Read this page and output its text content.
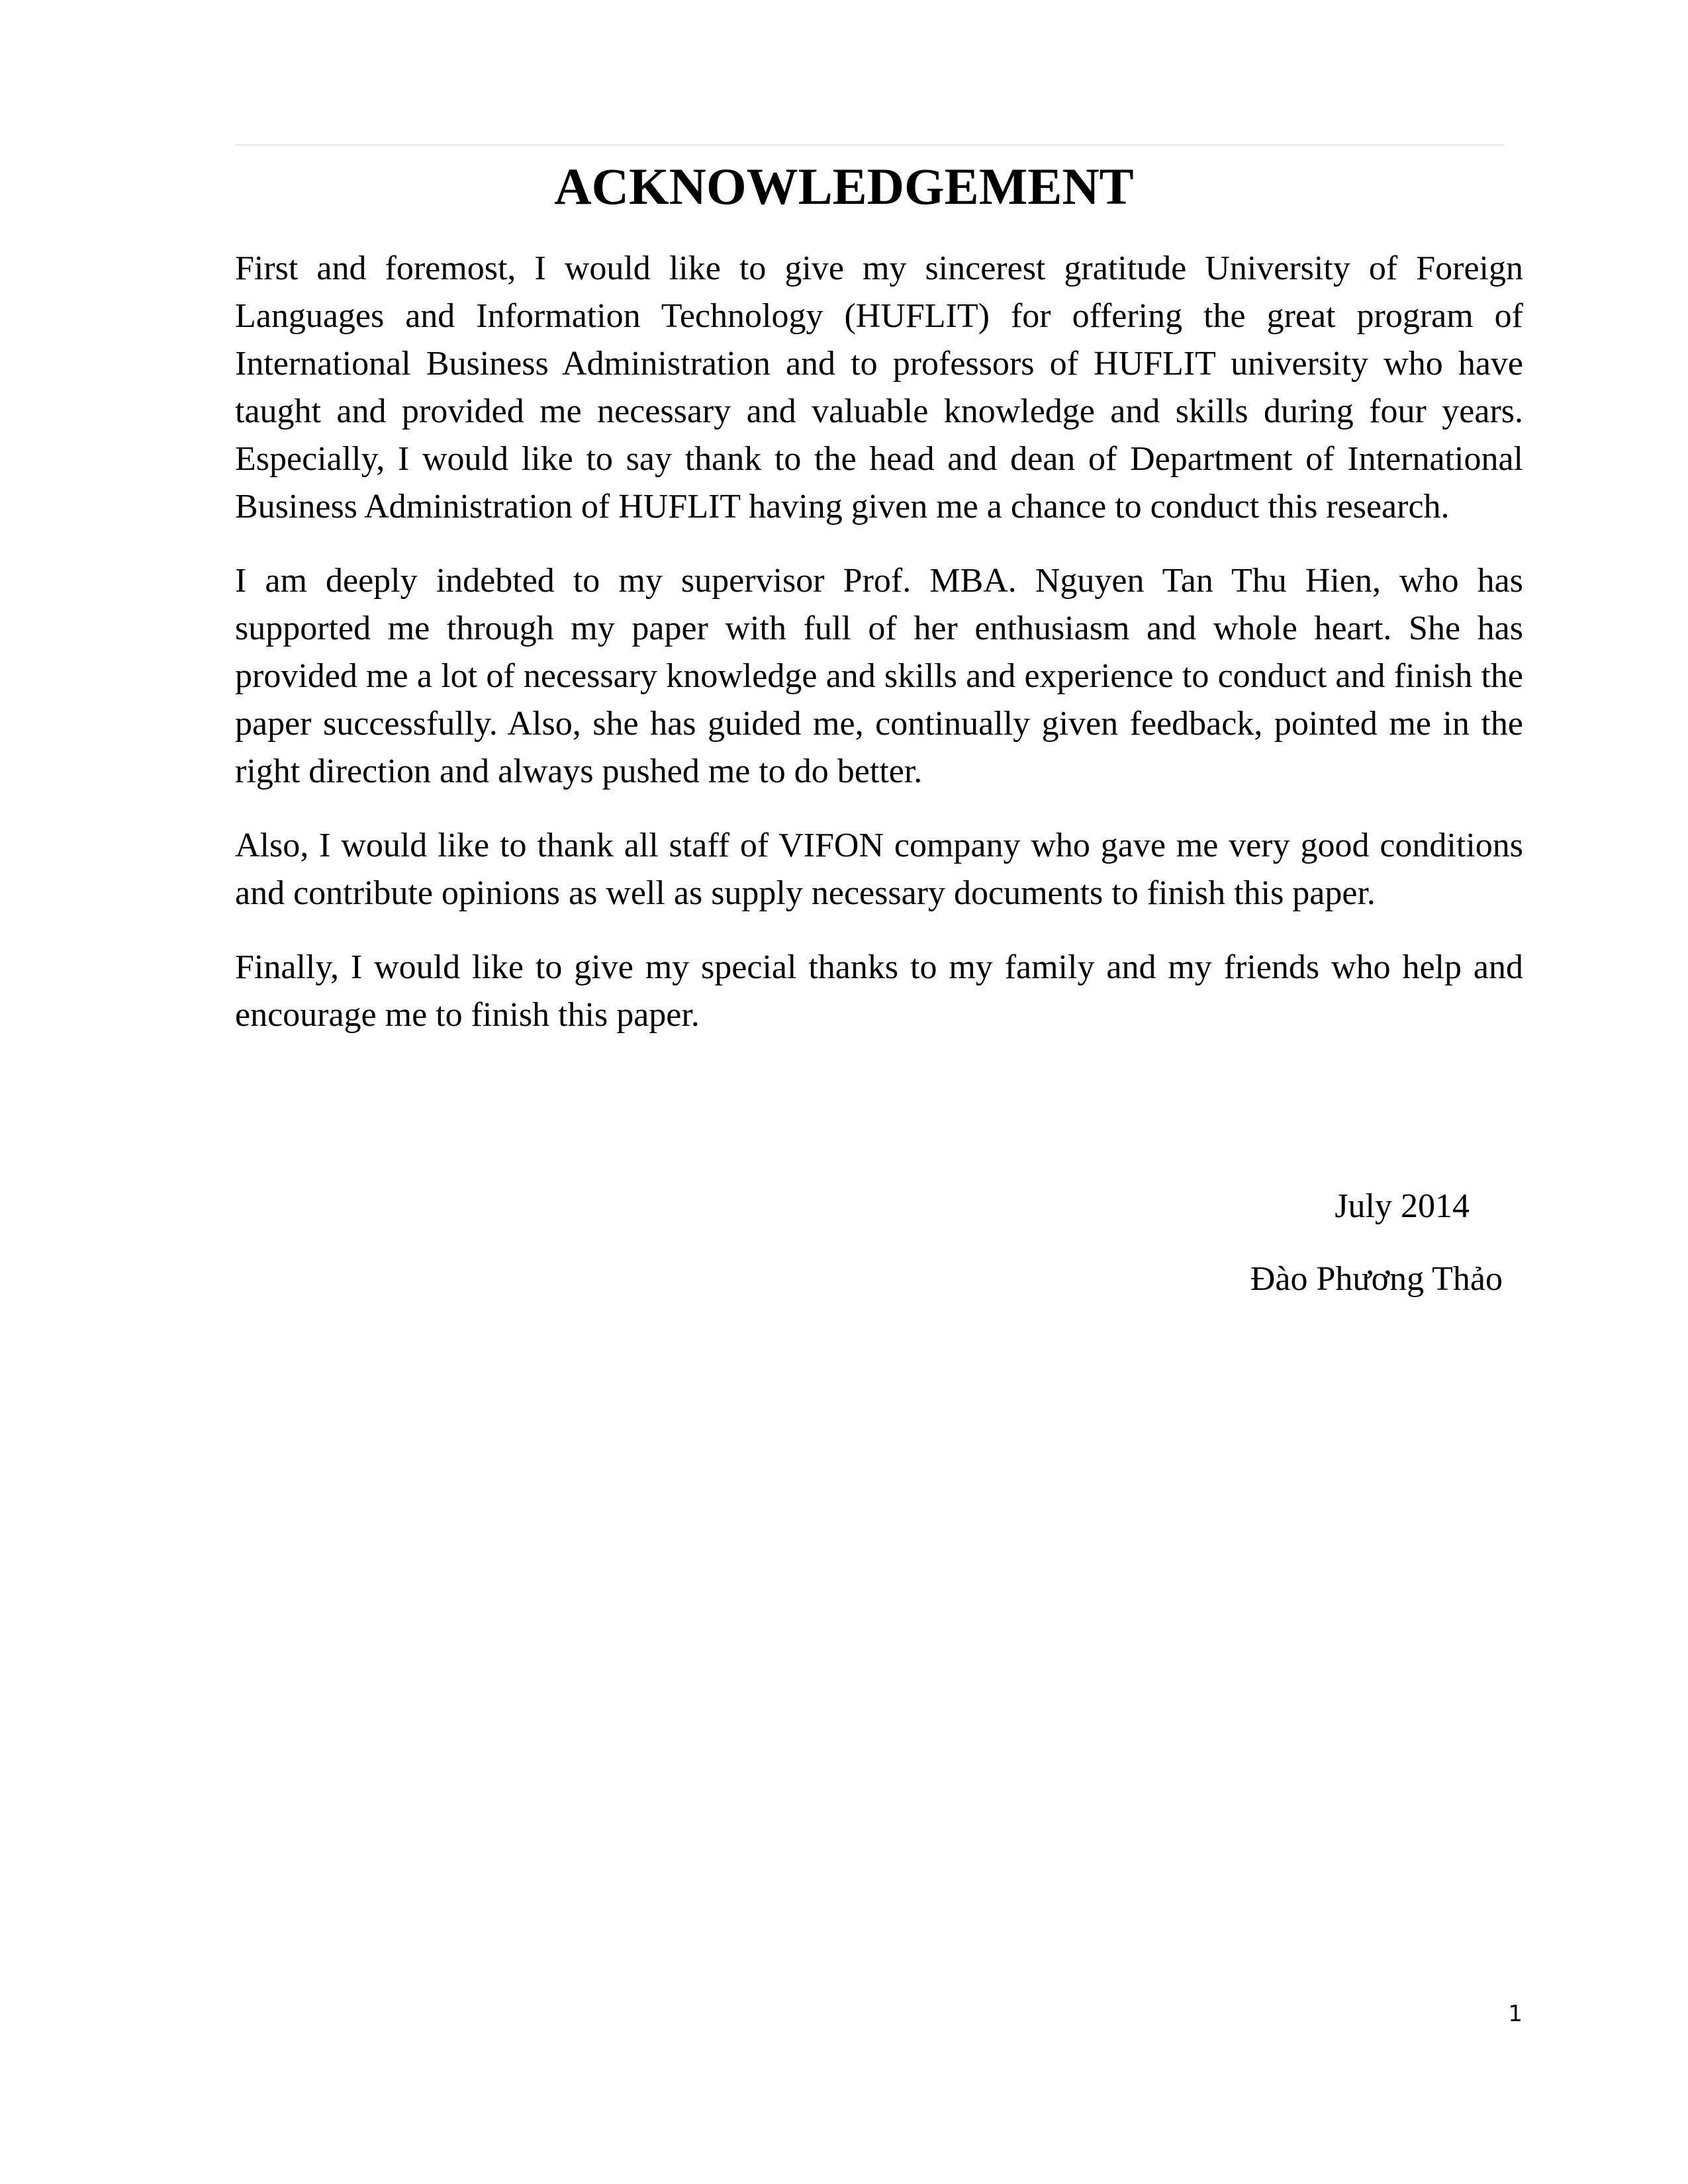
ACKNOWLEDGEMENT

First and foremost, I would like to give my sincerest gratitude University of Foreign Languages and Information Technology (HUFLIT) for offering the great program of International Business Administration and to professors of HUFLIT university who have taught and provided me necessary and valuable knowledge and skills during four years. Especially, I would like to say thank to the head and dean of Department of International Business Administration of HUFLIT having given me a chance to conduct this research.

I am deeply indebted to my supervisor Prof. MBA. Nguyen Tan Thu Hien, who has supported me through my paper with full of her enthusiasm and whole heart. She has provided me a lot of necessary knowledge and skills and experience to conduct and finish the paper successfully. Also, she has guided me, continually given feedback, pointed me in the right direction and always pushed me to do better.

Also, I would like to thank all staff of VIFON company who gave me very good conditions and contribute opinions as well as supply necessary documents to finish this paper.

Finally, I would like to give my special thanks to my family and my friends who help and encourage me to finish this paper.

July 2014
Đào Phương Thảo
1
